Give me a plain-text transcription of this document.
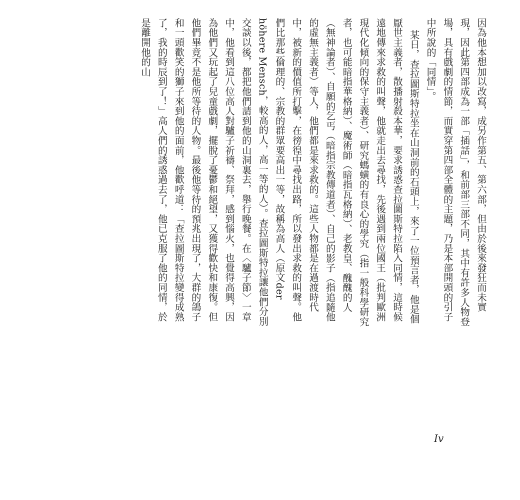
因為他本想加以改寫，成另作第五、第六部，但由於後來發狂而未實現，因此第四部成為一部「插話」，和前部三部不同，其中有許多人物登場，具有戲劇的情節，而實穿第四部全體的主題，乃是本部開頭的引子中所說的「同情」。

某日，查拉圖斯特拉坐在山洞前的石頭上，來了一位預言者，他是個厭世主義者，散播射殺本華，要求誘惑查拉圖斯特拉陷入同情，這時候遠地傳來求救的叫聲，他就走出去尋找，先後遇到兩位國王（批判歐洲現代化傾向的保守主義者）、研究螞蟥的有良心的學究（指一般科學研究者，也可能暗指華格納）、魔術師（暗指瓦格納）、老教皇、醜醜的人（無神論者）、自願的乞丐（暗指宗教傳道者）、自己的影子（指追隨他的虛無主義者）等人，他們都是來求救的。這些人物都是在過渡時代中，被新的價值所打擊，在徬徨中尋找出路，所以發出求救的叫聲。他們比那些倫理的、宗教的群眾要高出一等，故稱為高人（原文der höhere Mensch，較高的人，高一等的人）。查拉圖斯特拉讓他們分別交談以後，都把他們請到他的山洞裏去，舉行晚餐。在〈驢子節〉一章中，他看到這八位高人對驢子祈禱、祭拜，感到惱火，也覺得高興，因為他們又玩起了兒童戲劇，擺脫了憂鬱和絕望，又獲得歡快和康復。但他們畢竟不是他所等待的人物。最後他等待的預兆出現了，大群的鴿子和一頭歡笑的獅子來到他的面前，他歡呼道：「查拉圖斯特拉變得成熟了，我的時辰到了！」高人們的誘惑過去了，他已克服了他的同情，於是離開他的山

Iv
